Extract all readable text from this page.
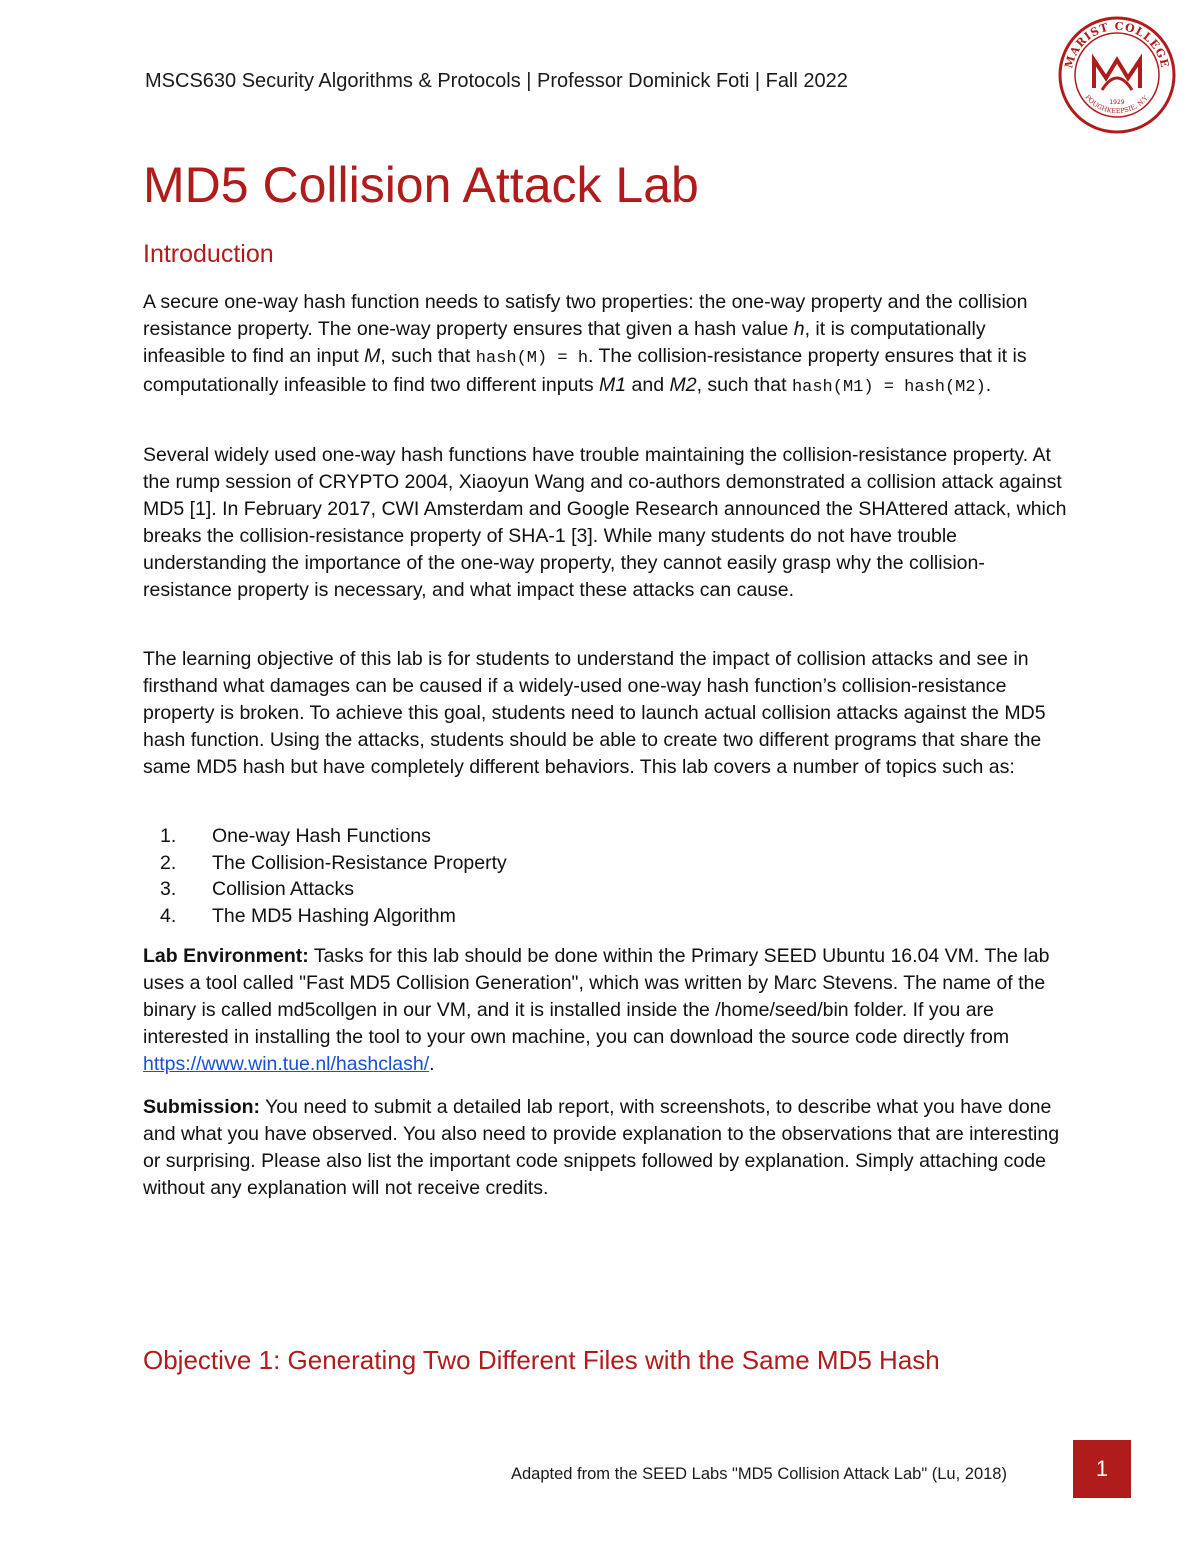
MSCS630 Security Algorithms & Protocols | Professor Dominick Foti | Fall 2022
MARIST COLLEGE
POUGHKEEPSIE, N.Y.
1929
MD5 Collision Attack Lab
Introduction

A secure one-way hash function needs to satisfy two properties: the one-way property and the collision resistance property. The one-way property ensures that given a hash value h, it is computationally infeasible to find an input M, such that hash(M) = h. The collision-resistance property ensures that it is computationally infeasible to find two different inputs M1 and M2, such that hash(M1) = hash(M2).

Several widely used one-way hash functions have trouble maintaining the collision-resistance property. At the rump session of CRYPTO 2004, Xiaoyun Wang and co-authors demonstrated a collision attack against MD5 [1]. In February 2017, CWI Amsterdam and Google Research announced the SHAttered attack, which breaks the collision-resistance property of SHA-1 [3]. While many students do not have trouble understanding the importance of the one-way property, they cannot easily grasp why the collision-resistance property is necessary, and what impact these attacks can cause.

The learning objective of this lab is for students to understand the impact of collision attacks and see in firsthand what damages can be caused if a widely-used one-way hash function’s collision-resistance property is broken. To achieve this goal, students need to launch actual collision attacks against the MD5 hash function. Using the attacks, students should be able to create two different programs that share the same MD5 hash but have completely different behaviors. This lab covers a number of topics such as:

1. One-way Hash Functions
2. The Collision-Resistance Property
3. Collision Attacks
4. The MD5 Hashing Algorithm

Lab Environment: Tasks for this lab should be done within the Primary SEED Ubuntu 16.04 VM. The lab uses a tool called "Fast MD5 Collision Generation", which was written by Marc Stevens. The name of the binary is called md5collgen in our VM, and it is installed inside the /home/seed/bin folder. If you are interested in installing the tool to your own machine, you can download the source code directly from https://www.win.tue.nl/hashclash/.

Submission: You need to submit a detailed lab report, with screenshots, to describe what you have done and what you have observed. You also need to provide explanation to the observations that are interesting or surprising. Please also list the important code snippets followed by explanation. Simply attaching code without any explanation will not receive credits.

Objective 1: Generating Two Different Files with the Same MD5 Hash
Adapted from the SEED Labs "MD5 Collision Attack Lab" (Lu, 2018)	1
